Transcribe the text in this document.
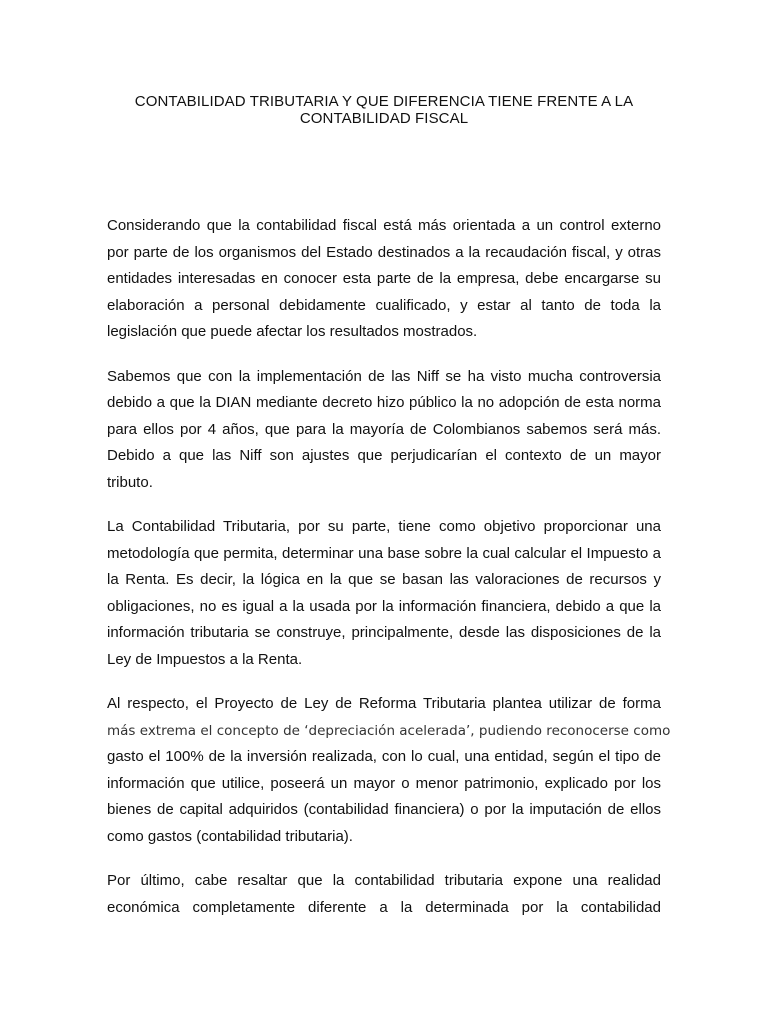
CONTABILIDAD TRIBUTARIA Y QUE DIFERENCIA TIENE FRENTE A LA
CONTABILIDAD FISCAL

Considerando que la contabilidad fiscal está más orientada a un control externo
por parte de los organismos del Estado destinados a la recaudación fiscal, y otras
entidades interesadas en conocer esta parte de la empresa, debe encargarse su
elaboración a personal debidamente cualificado, y estar al tanto de toda la
legislación que puede afectar los resultados mostrados.

Sabemos que con la implementación de las Niff se ha visto mucha controversia
debido a que la DIAN mediante decreto hizo público la no adopción de esta norma
para ellos por 4 años, que para la mayoría de Colombianos sabemos será más.
Debido a que las Niff son ajustes que perjudicarían el contexto de un mayor
tributo.

La Contabilidad Tributaria, por su parte, tiene como objetivo proporcionar una
metodología que permita, determinar una base sobre la cual calcular el Impuesto a
la Renta. Es decir, la lógica en la que se basan las valoraciones de recursos y
obligaciones, no es igual a la usada por la información financiera, debido a que la
información tributaria se construye, principalmente, desde las disposiciones de la
Ley de Impuestos a la Renta.

Al respecto, el Proyecto de Ley de Reforma Tributaria plantea utilizar de forma
más extrema el concepto de ‘depreciación acelerada’, pudiendo reconocerse como
gasto el 100% de la inversión realizada, con lo cual, una entidad, según el tipo de
información que utilice, poseerá un mayor o menor patrimonio, explicado por los
bienes de capital adquiridos (contabilidad financiera) o por la imputación de ellos
como gastos (contabilidad tributaria).

Por último, cabe resaltar que la contabilidad tributaria expone una realidad
económica completamente diferente a la determinada por la contabilidad
